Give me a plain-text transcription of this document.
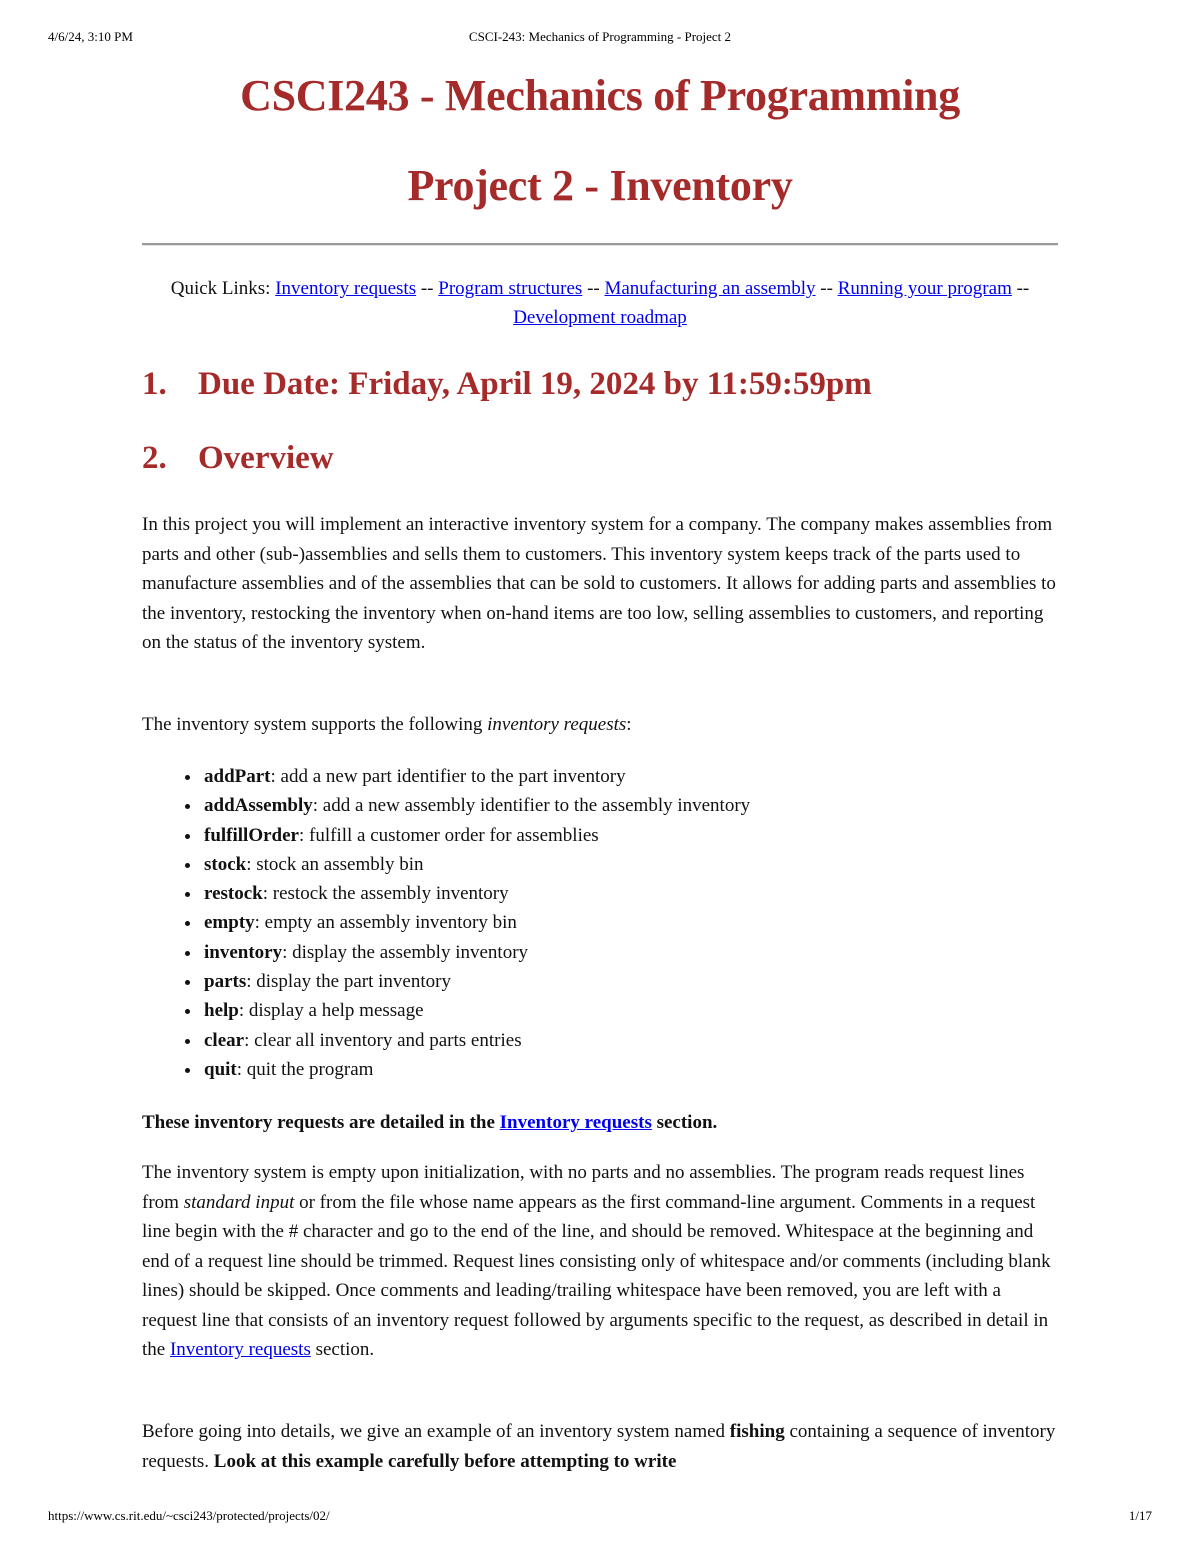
CSCI-243: Mechanics of Programming - Project 2
4/6/24, 3:10 PM
CSCI243 - Mechanics of Programming
Project 2 - Inventory
Quick Links: Inventory requests -- Program structures -- Manufacturing an assembly -- Running your program -- Development roadmap
1. Due Date: Friday, April 19, 2024 by 11:59:59pm
2. Overview

In this project you will implement an interactive inventory system for a company. The company makes assemblies from parts and other (sub-)assemblies and sells them to customers. This inventory system keeps track of the parts used to manufacture assemblies and of the assemblies that can be sold to customers. It allows for adding parts and assemblies to the inventory, restocking the inventory when on-hand items are too low, selling assemblies to customers, and reporting on the status of the inventory system.

The inventory system supports the following inventory requests:

• addPart: add a new part identifier to the part inventory
• addAssembly: add a new assembly identifier to the assembly inventory
• fulfillOrder: fulfill a customer order for assemblies
• stock: stock an assembly bin
• restock: restock the assembly inventory
• empty: empty an assembly inventory bin
• inventory: display the assembly inventory
• parts: display the part inventory
• help: display a help message
• clear: clear all inventory and parts entries
• quit: quit the program

These inventory requests are detailed in the Inventory requests section.

The inventory system is empty upon initialization, with no parts and no assemblies. The program reads request lines from standard input or from the file whose name appears as the first command-line argument. Comments in a request line begin with the # character and go to the end of the line, and should be removed. Whitespace at the beginning and end of a request line should be trimmed. Request lines consisting only of whitespace and/or comments (including blank lines) should be skipped. Once comments and leading/trailing whitespace have been removed, you are left with a request line that consists of an inventory request followed by arguments specific to the request, as described in detail in the Inventory requests section.

Before going into details, we give an example of an inventory system named fishing containing a sequence of inventory requests. Look at this example carefully before attempting to write

https://www.cs.rit.edu/~csci243/protected/projects/02/	1/17
